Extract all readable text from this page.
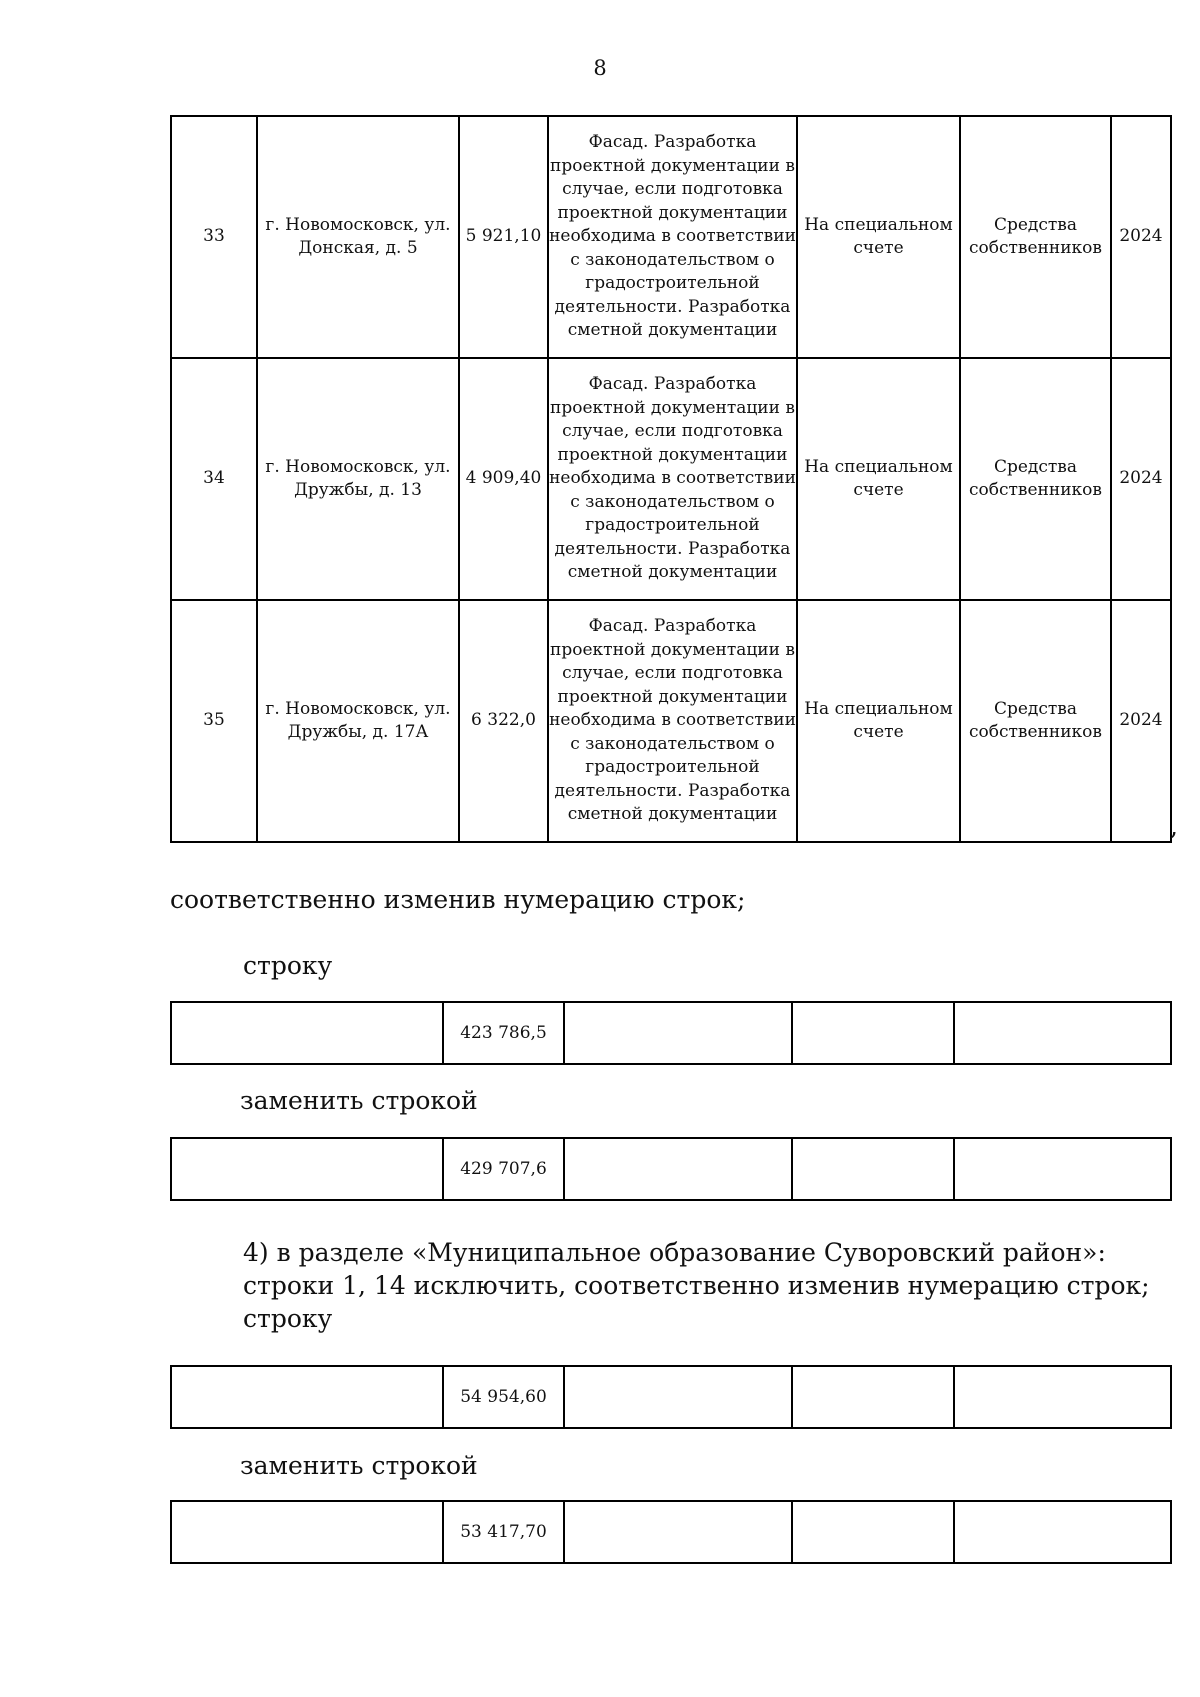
8
33	г. Новомосковск, ул. Донская, д. 5	5 921,10	Фасад. Разработка проектной документации в случае, если подготовка проектной документации необходима в соответствии с законодательством о градостроительной деятельности. Разработка сметной документации	На специальном счете	Средства собственников	2024
34	г. Новомосковск, ул. Дружбы, д. 13	4 909,40	Фасад. Разработка проектной документации в случае, если подготовка проектной документации необходима в соответствии с законодательством о градостроительной деятельности. Разработка сметной документации	На специальном счете	Средства собственников	2024
35	г. Новомосковск, ул. Дружбы, д. 17А	6 322,0	Фасад. Разработка проектной документации в случае, если подготовка проектной документации необходима в соответствии с законодательством о градостроительной деятельности. Разработка сметной документации	На специальном счете	Средства собственников	2024
,
соответственно изменив нумерацию строк;
строку
	423 786,5			
заменить строкой
	429 707,6			
4) в разделе «Муниципальное образование Суворовский район»:
строки 1, 14 исключить, соответственно изменив нумерацию строк;
строку
	54 954,60			
заменить строкой
	53 417,70			
